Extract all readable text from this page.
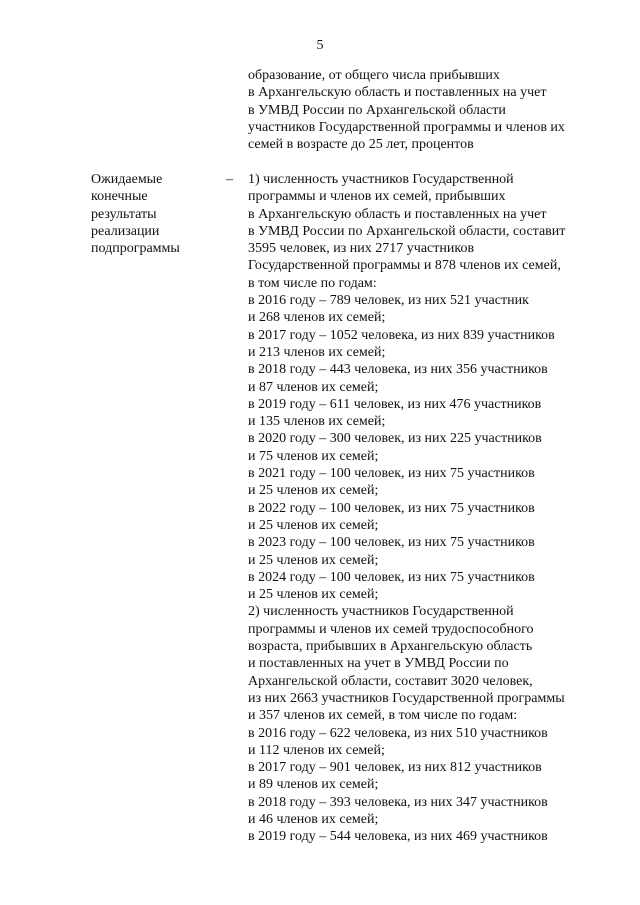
5
образование, от общего числа прибывших
в Архангельскую область и поставленных на учет
в УМВД России по Архангельской области
участников Государственной программы и членов их
семей в возрасте до 25 лет, процентов
Ожидаемые
конечные
результаты
реализации
подпрограммы
– 1) численность участников Государственной
программы и членов их семей, прибывших
в Архангельскую область и поставленных на учет
в УМВД России по Архангельской области, составит
3595 человек, из них 2717 участников
Государственной программы и 878 членов их семей,
в том числе по годам:
в 2016 году – 789 человек, из них 521 участник
и 268 членов их семей;
в 2017 году – 1052 человека, из них 839 участников
и 213 членов их семей;
в 2018 году – 443 человека, из них 356 участников
и 87 членов их семей;
в 2019 году – 611 человек, из них 476 участников
и 135 членов их семей;
в 2020 году – 300 человек, из них 225 участников
и 75 членов их семей;
в 2021 году – 100 человек, из них 75 участников
и 25 членов их семей;
в 2022 году – 100 человек, из них 75 участников
и 25 членов их семей;
в 2023 году – 100 человек, из них 75 участников
и 25 членов их семей;
в 2024 году – 100 человек, из них 75 участников
и 25 членов их семей;
2) численность участников Государственной
программы и членов их семей трудоспособного
возраста, прибывших в Архангельскую область
и поставленных на учет в УМВД России по
Архангельской области, составит 3020 человек,
из них 2663 участников Государственной программы
и 357 членов их семей, в том числе по годам:
в 2016 году – 622 человека, из них 510 участников
и 112 членов их семей;
в 2017 году – 901 человек, из них 812 участников
и 89 членов их семей;
в 2018 году – 393 человека, из них 347 участников
и 46 членов их семей;
в 2019 году – 544 человека, из них 469 участников
